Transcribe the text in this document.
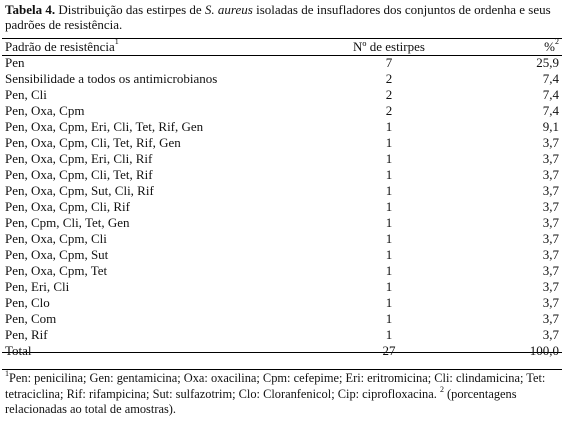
Tabela 4. Distribuição das estirpes de S. aureus isoladas de insufladores dos conjuntos de ordenha e seus padrões de resistência.
Padrão de resistência$^1$	Nº de estirpes	%$^2$
Pen	7	25,9
Sensibilidade a todos os antimicrobianos	2	7,4
Pen, Cli	2	7,4
Pen, Oxa, Cpm	2	7,4
Pen, Oxa, Cpm, Eri, Cli, Tet, Rif, Gen	1	9,1
Pen, Oxa, Cpm, Cli, Tet, Rif, Gen	1	3,7
Pen, Oxa, Cpm, Eri, Cli, Rif	1	3,7
Pen, Oxa, Cpm, Cli, Tet, Rif	1	3,7
Pen, Oxa, Cpm, Sut, Cli, Rif	1	3,7
Pen, Oxa, Cpm, Cli, Rif	1	3,7
Pen, Cpm, Cli, Tet, Gen	1	3,7
Pen, Oxa, Cpm, Cli	1	3,7
Pen, Oxa, Cpm, Sut	1	3,7
Pen, Oxa, Cpm, Tet	1	3,7
Pen, Eri, Cli	1	3,7
Pen, Clo	1	3,7
Pen, Com	1	3,7
Pen, Rif	1	3,7
Total	27	100,0
$^1$Pen: penicilina; Gen: gentamicina; Oxa: oxacilina; Cpm: cefepime; Eri: eritromicina; Cli: clindamicina; Tet: tetraciclina; Rif: rifampicina; Sut: sulfazotrim; Clo: Cloranfenicol; Cip: ciprofloxacina. $^2$ (porcentagens relacionadas ao total de amostras).
